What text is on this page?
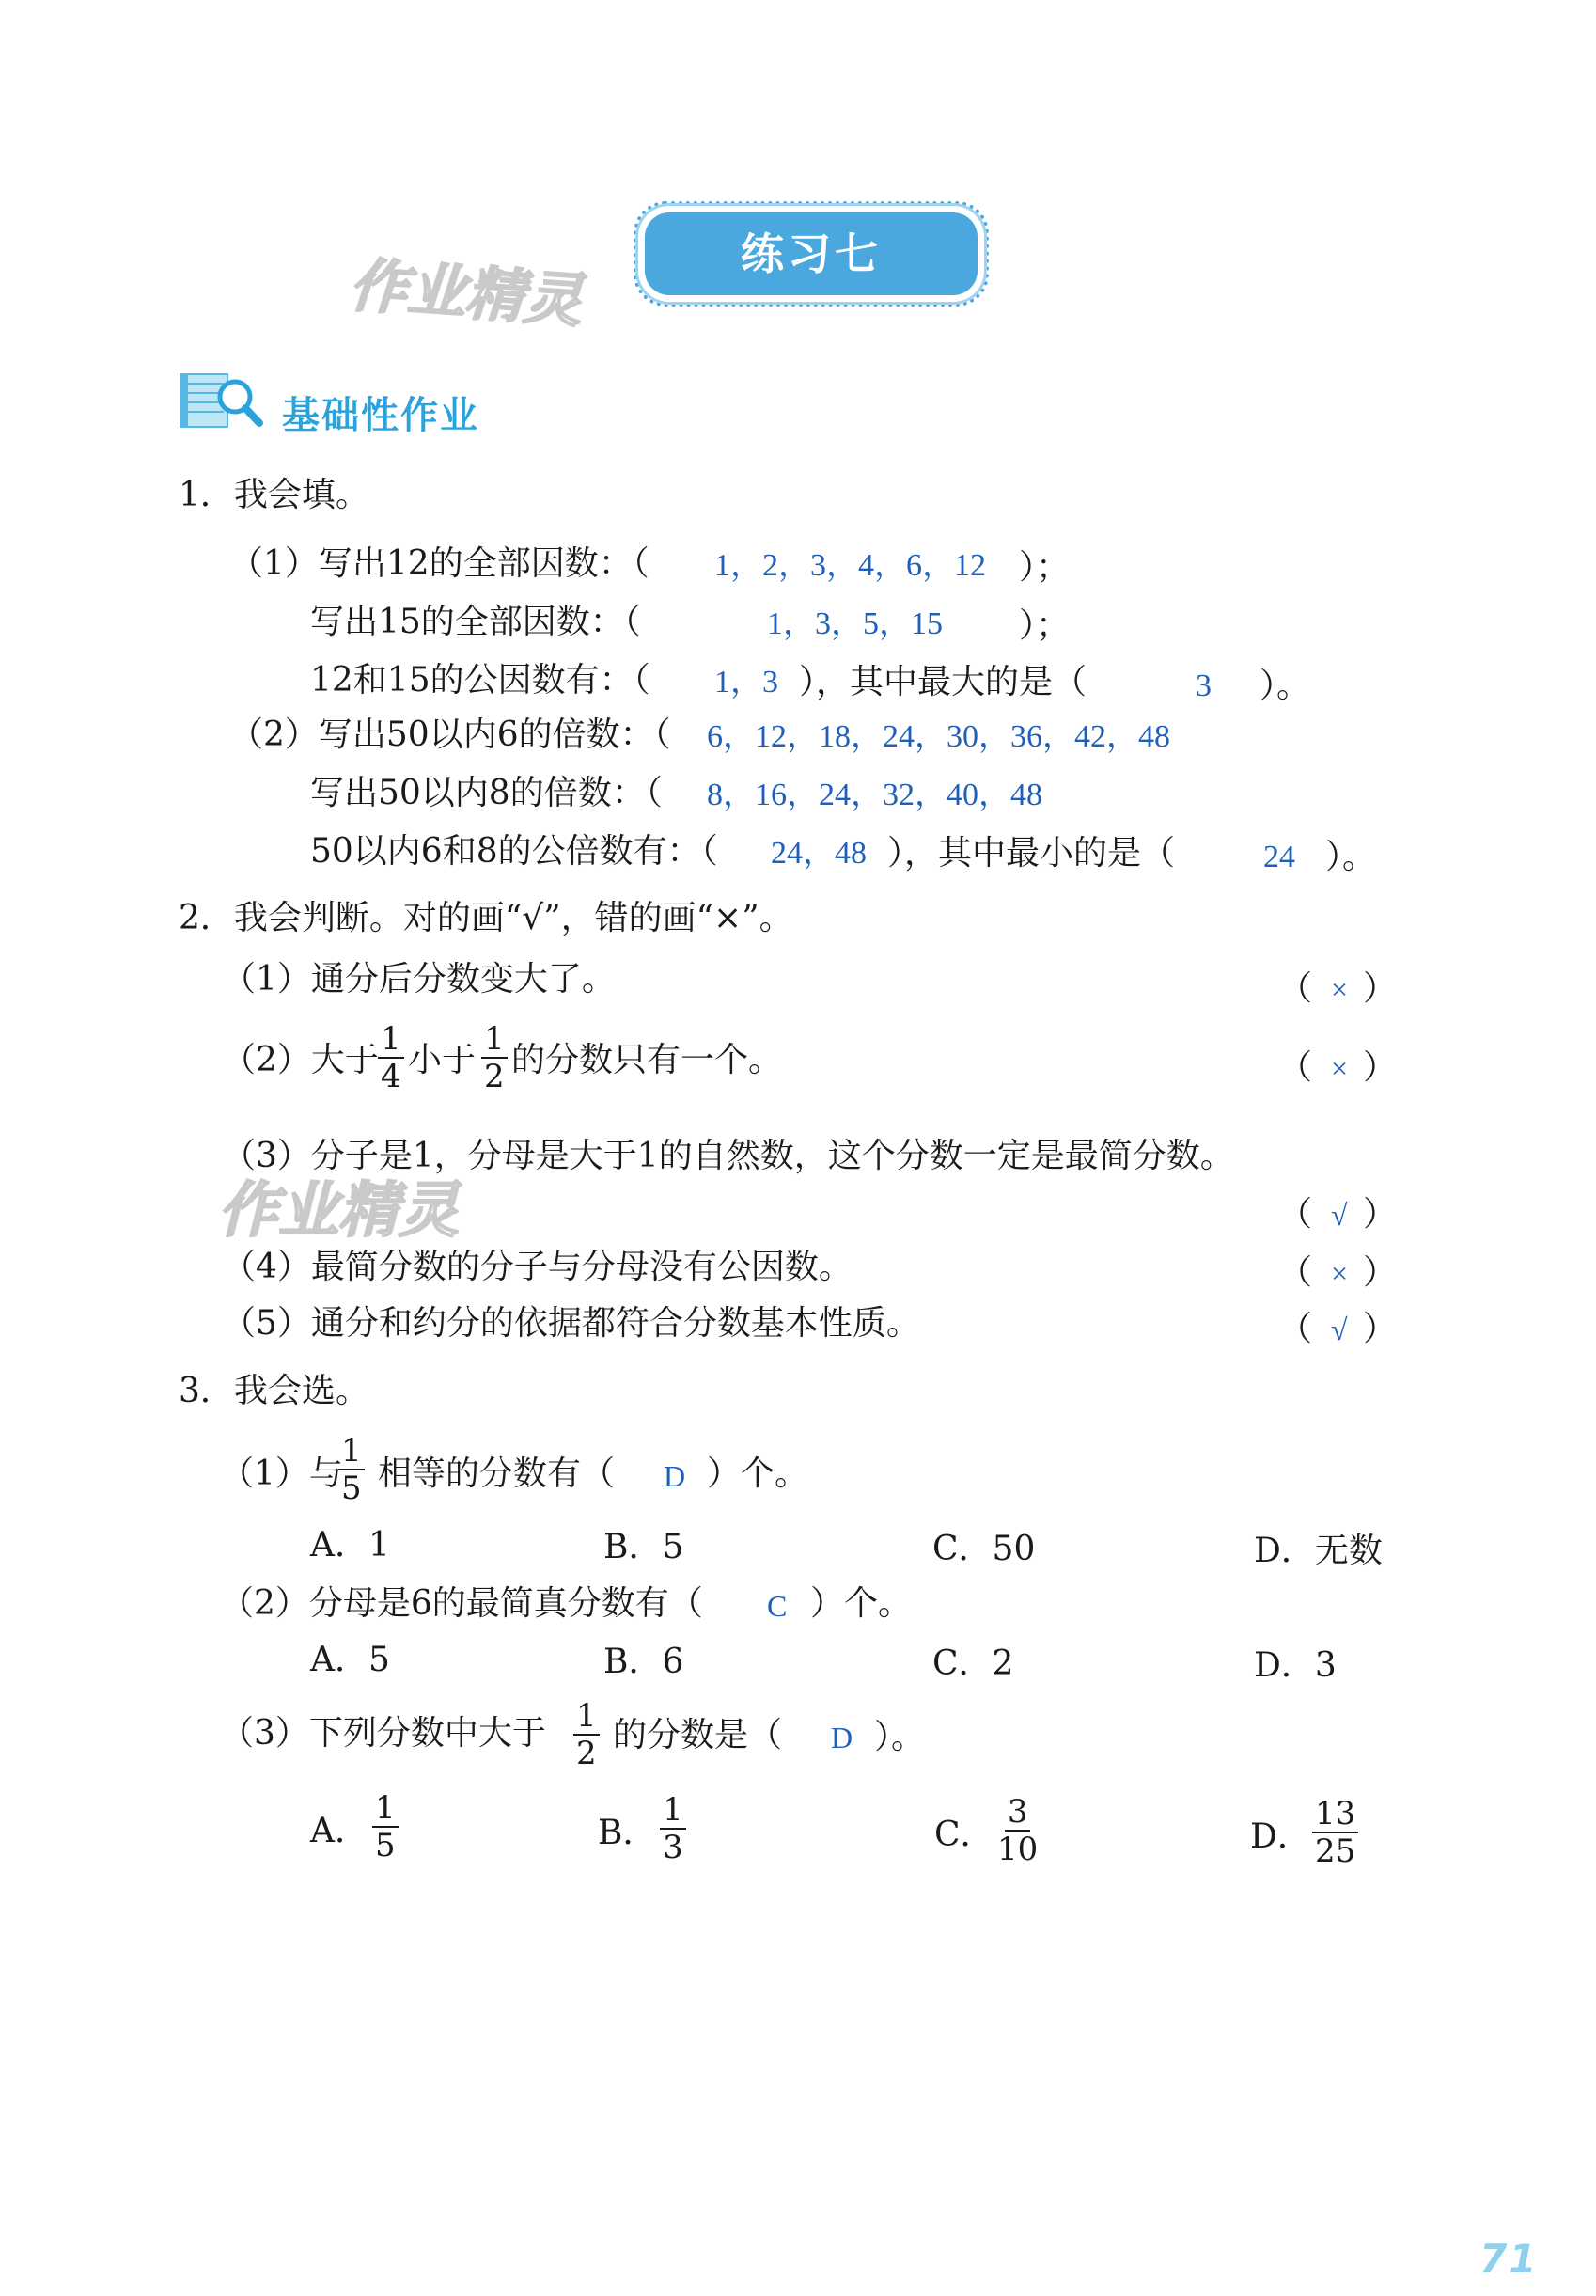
作业精灵	练习七
基础性作业
1．我会填。
（1）写出12的全部因数：（ 1，2，3，4，6，12 ）；
写出15的全部因数：（	1，3，5，15 ）；
12和15的公因数有：（ 1，3 ），其中最大的是（	3 ）。
（2）写出50以内6的倍数：（ 6，12，18，24，30，36，42，48
写出50以内8的倍数：（ 8，16，24，32，40，48
50以内6和8的公倍数有：（ 24，48 ），其中最小的是（	24 ）。
2．我会判断。对的画“√”，错的画“×”。
（1）通分后分数变大了。	（ × ）
（2）大于 $\frac{1}{4}$ 小于 $\frac{1}{2}$ 的分数只有一个。	（ × ）
（3）分子是1，分母是大于1的自然数，这个分数一定是最简分数。
作业精灵	（ √ ）
（4）最简分数的分子与分母没有公因数。	（ × ）
（5）通分和约分的依据都符合分数基本性质。	（ √ ）
3．我会选。
（1）与
$\frac{1}{5}$ 相等的分数有（ D ）个。
A．1	B．5	C．50	D．无数
（2）分母是6的最简真分数有（ C ）个。
A．5	B．6	C．2	D．3
（3）下列分数中大于 $\frac{1}{2}$ 的分数是（ D ）。
A． $\frac{1}{5}$	B． $\frac{1}{3}$	C． $\frac{3}{10}$	D． $\frac{13}{25}$
71
